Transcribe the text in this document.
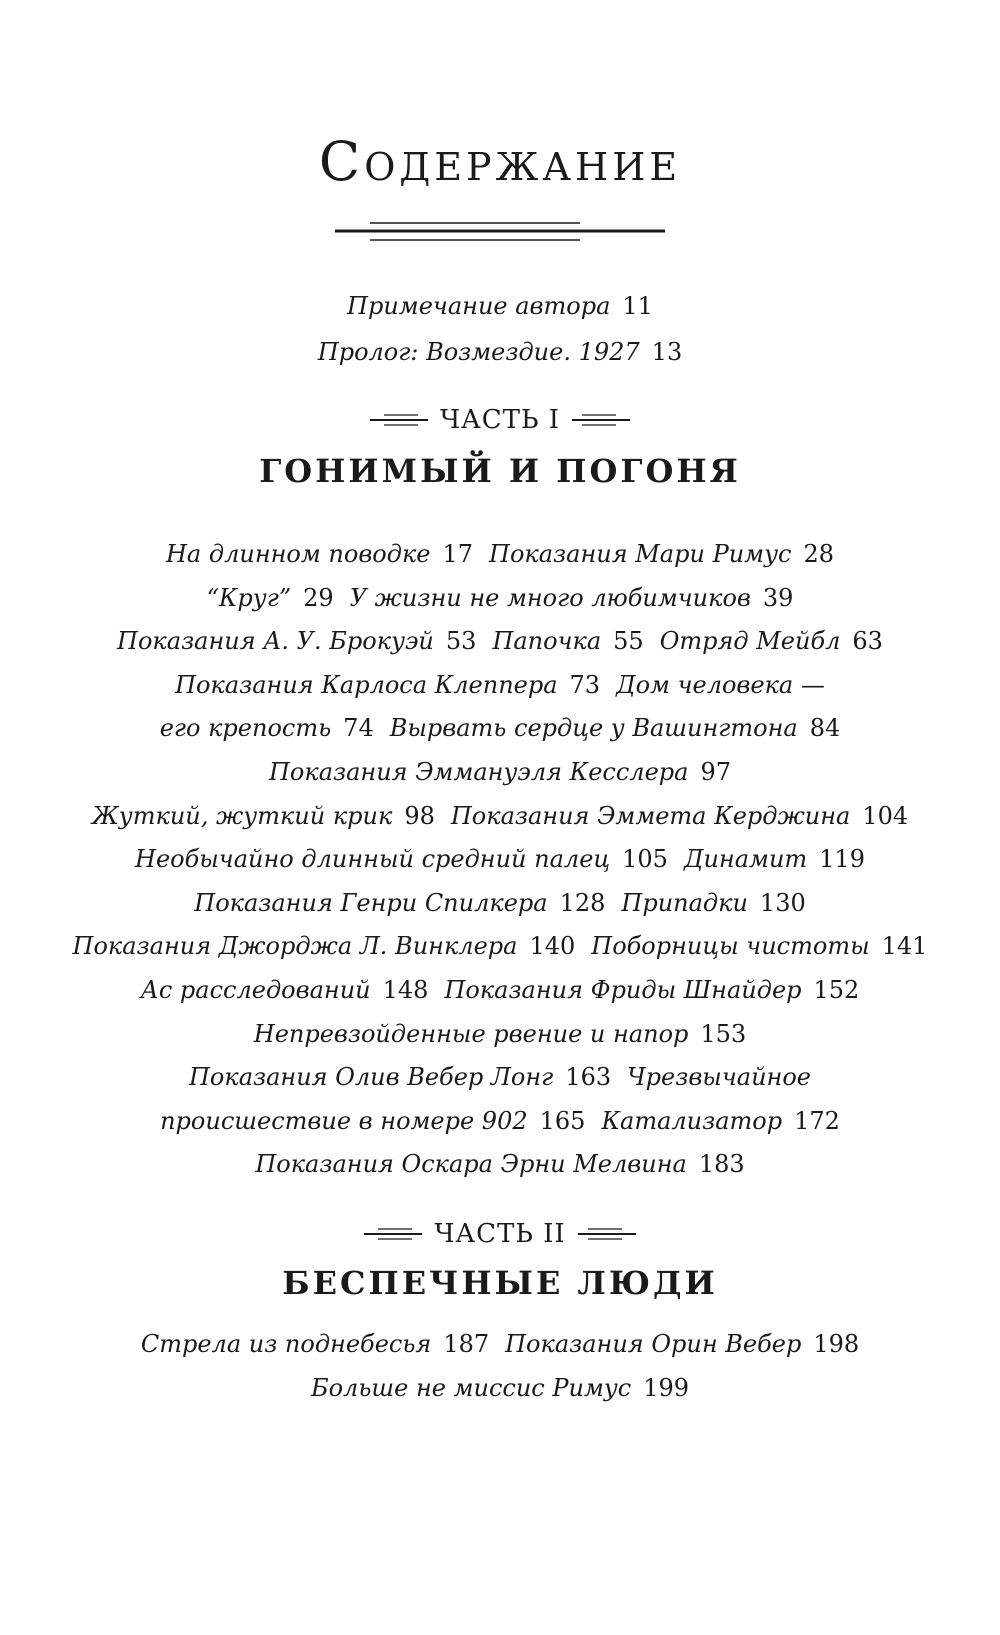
Содержание
Примечание автора 11
Пролог: Возмездие. 1927 13
ЧАСТЬ I
ГОНИМЫЙ И ПОГОНЯ
На длинном поводке 17 Показания Мари Римус 28
“Круг” 29 У жизни не много любимчиков 39
Показания А. У. Брокуэй 53 Папочка 55 Отряд Мейбл 63
Показания Карлоса Клеппера 73 Дом человека —
его крепость 74 Вырвать сердце у Вашингтона 84
Показания Эммануэля Кесслера 97
Жуткий, жуткий крик 98 Показания Эммета Керджина 104
Необычайно длинный средний палец 105 Динамит 119
Показания Генри Спилкера 128 Припадки 130
Показания Джорджа Л. Винклера 140 Поборницы чистоты 141
Ас расследований 148 Показания Фриды Шнайдер 152
Непревзойденные рвение и напор 153
Показания Олив Вебер Лонг 163 Чрезвычайное
происшествие в номере 902 165 Катализатор 172
Показания Оскара Эрни Мелвина 183
ЧАСТЬ II
БЕСПЕЧНЫЕ ЛЮДИ
Стрела из поднебесья 187 Показания Орин Вебер 198
Больше не миссис Римус 199
